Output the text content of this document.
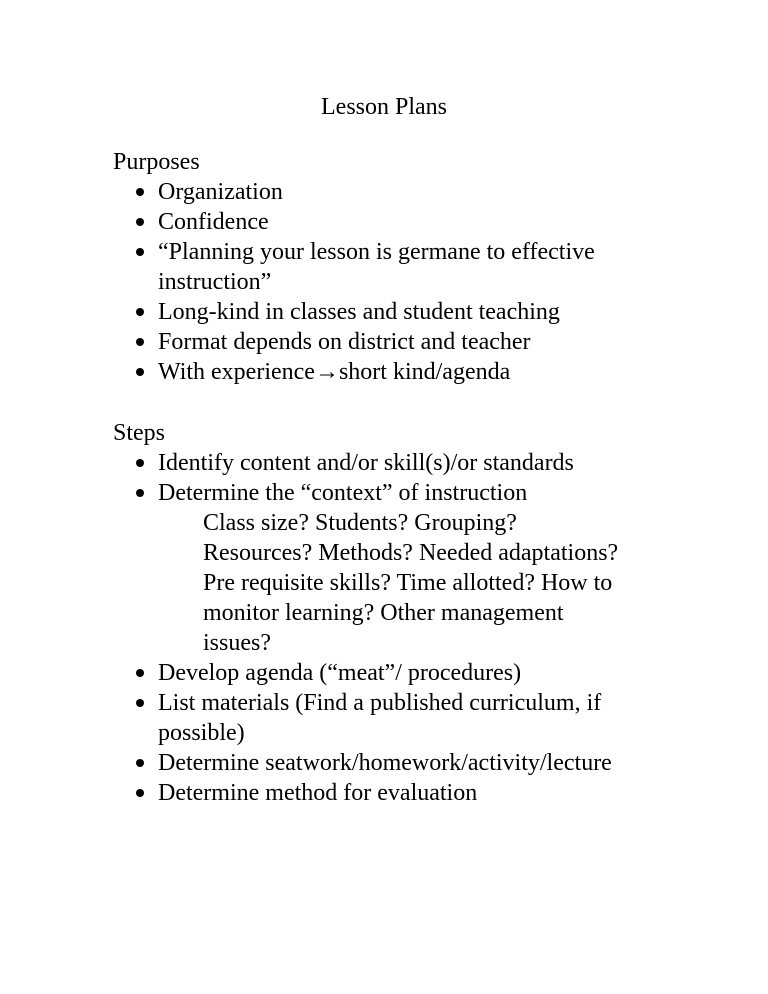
Lesson Plans
Purposes
Organization
Confidence
“Planning your lesson is germane to effective instruction”
Long-kind in classes and student teaching
Format depends on district and teacher
With experience→short kind/agenda
Steps
Identify content and/or skill(s)/or standards
Determine the “context” of instruction
Class size? Students? Grouping? Resources? Methods? Needed adaptations? Pre requisite skills? Time allotted? How to monitor learning? Other management issues?
Develop agenda (“meat”/ procedures)
List materials (Find a published curriculum, if possible)
Determine seatwork/homework/activity/lecture
Determine method for evaluation
